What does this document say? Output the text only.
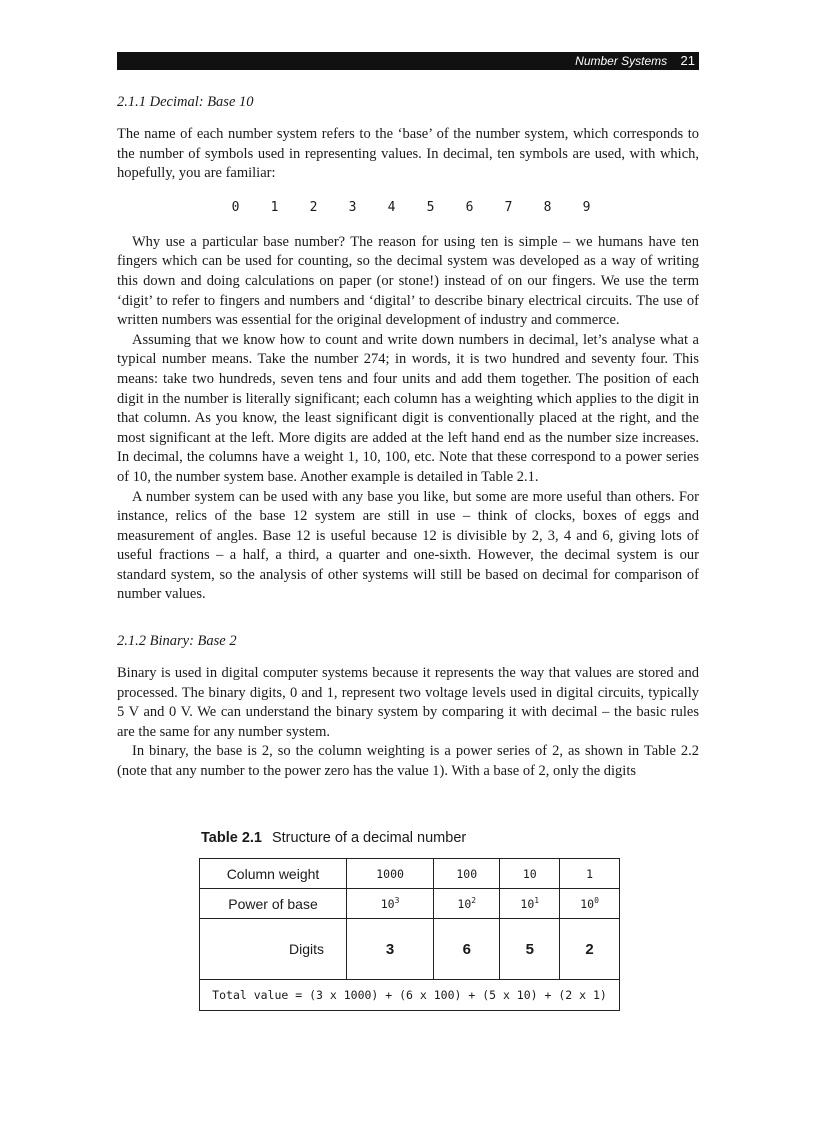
Number Systems 21
2.1.1 Decimal: Base 10

The name of each number system refers to the ‘base’ of the number system, which corresponds to the number of symbols used in representing values. In decimal, ten symbols are used, with which, hopefully, you are familiar:

0 1 2 3 4 5 6 7 8 9

Why use a particular base number? The reason for using ten is simple – we humans have ten fingers which can be used for counting, so the decimal system was developed as a way of writing this down and doing calculations on paper (or stone!) instead of on our fingers. We use the term ‘digit’ to refer to fingers and numbers and ‘digital’ to describe binary electrical circuits. The use of written numbers was essential for the original development of industry and commerce.

Assuming that we know how to count and write down numbers in decimal, let’s analyse what a typical number means. Take the number 274; in words, it is two hundred and seventy four. This means: take two hundreds, seven tens and four units and add them together. The position of each digit in the number is literally significant; each column has a weighting which applies to the digit in that column. As you know, the least significant digit is conventionally placed at the right, and the most significant at the left. More digits are added at the left hand end as the number size increases. In decimal, the columns have a weight 1, 10, 100, etc. Note that these correspond to a power series of 10, the number system base. Another example is detailed in Table 2.1.

A number system can be used with any base you like, but some are more useful than others. For instance, relics of the base 12 system are still in use – think of clocks, boxes of eggs and measurement of angles. Base 12 is useful because 12 is divisible by 2, 3, 4 and 6, giving lots of useful fractions – a half, a third, a quarter and one-sixth. However, the decimal system is our standard system, so the analysis of other systems will still be based on decimal for comparison of number values.

2.1.2 Binary: Base 2

Binary is used in digital computer systems because it represents the way that values are stored and processed. The binary digits, 0 and 1, represent two voltage levels used in digital circuits, typically 5 V and 0 V. We can understand the binary system by comparing it with decimal – the basic rules are the same for any number system.

In binary, the base is 2, so the column weighting is a power series of 2, as shown in Table 2.2 (note that any number to the power zero has the value 1). With a base of 2, only the digits

Table 2.1 Structure of a decimal number
Column weight	1000	100	10	1
Power of base	$10^3$	$10^2$	$10^1$	$10^0$
Digits	3	6	5	2
Total value = (3 x 1000) + (6 x 100) + (5 x 10) + (2 x 1)				
